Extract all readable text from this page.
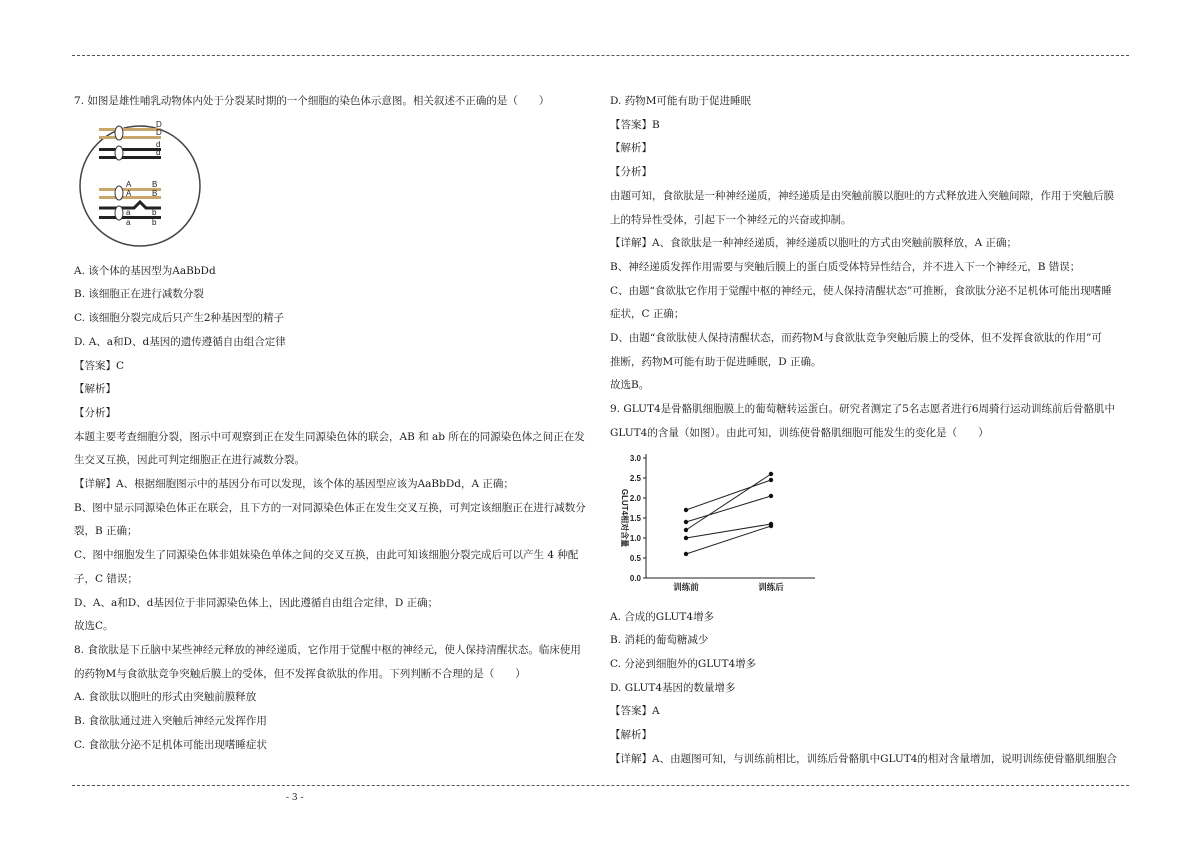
7. 如图是雄性哺乳动物体内处于分裂某时期的一个细胞的染色体示意图。相关叙述不正确的是（　　）

D
D
d
d
A	B
A	B
a	b
a	b

A. 该个体的基因型为AaBbDd

B. 该细胞正在进行减数分裂

C. 该细胞分裂完成后只产生2种基因型的精子

D. A、a和D、d基因的遗传遵循自由组合定律

【答案】C

【解析】

【分析】

本题主要考查细胞分裂，图示中可观察到正在发生同源染色体的联会，AB 和 ab 所在的同源染色体之间正在发

生交叉互换，因此可判定细胞正在进行减数分裂。

【详解】A、根据细胞图示中的基因分布可以发现，该个体的基因型应该为AaBbDd，A 正确；

B、图中显示同源染色体正在联会，且下方的一对同源染色体正在发生交叉互换，可判定该细胞正在进行减数分

裂，B 正确；

C、图中细胞发生了同源染色体非姐妹染色单体之间的交叉互换，由此可知该细胞分裂完成后可以产生 4 种配

子，C 错误；

D、A、a和D、d基因位于非同源染色体上，因此遵循自由组合定律，D 正确；

故选C。

8. 食欲肽是下丘脑中某些神经元释放的神经递质，它作用于觉醒中枢的神经元，使人保持清醒状态。临床使用

的药物M与食欲肽竞争突触后膜上的受体，但不发挥食欲肽的作用。下列判断不合理的是（　　）

A. 食欲肽以胞吐的形式由突触前膜释放

B. 食欲肽通过进入突触后神经元发挥作用

C. 食欲肽分泌不足机体可能出现嗜睡症状

D. 药物M可能有助于促进睡眠

【答案】B

【解析】

【分析】

由题可知，食欲肽是一种神经递质，神经递质是由突触前膜以胞吐的方式释放进入突触间隙，作用于突触后膜

上的特异性受体，引起下一个神经元的兴奋或抑制。

【详解】A、食欲肽是一种神经递质，神经递质以胞吐的方式由突触前膜释放，A 正确；

B、神经递质发挥作用需要与突触后膜上的蛋白质受体特异性结合，并不进入下一个神经元，B 错误；

C、由题“食欲肽它作用于觉醒中枢的神经元，使人保持清醒状态”可推断，食欲肽分泌不足机体可能出现嗜睡

症状，C 正确；

D、由题“食欲肽使人保持清醒状态，而药物M与食欲肽竞争突触后膜上的受体，但不发挥食欲肽的作用”可

推断，药物M可能有助于促进睡眠，D 正确。

故选B。

9. GLUT4是骨骼肌细胞膜上的葡萄糖转运蛋白。研究者测定了5名志愿者进行6周骑行运动训练前后骨骼肌中

GLUT4的含量（如图）。由此可知，训练使骨骼肌细胞可能发生的变化是（　　）

0.0
0.5
1.0
1.5
2.0
2.5
3.0
训练前	训练后
GLUT4相对含量

A. 合成的GLUT4增多

B. 消耗的葡萄糖减少

C. 分泌到细胞外的GLUT4增多

D. GLUT4基因的数量增多

【答案】A

【解析】

【详解】A、由题图可知，与训练前相比，训练后骨骼肌中GLUT4的相对含量增加，说明训练使骨骼肌细胞合

- 3 -
